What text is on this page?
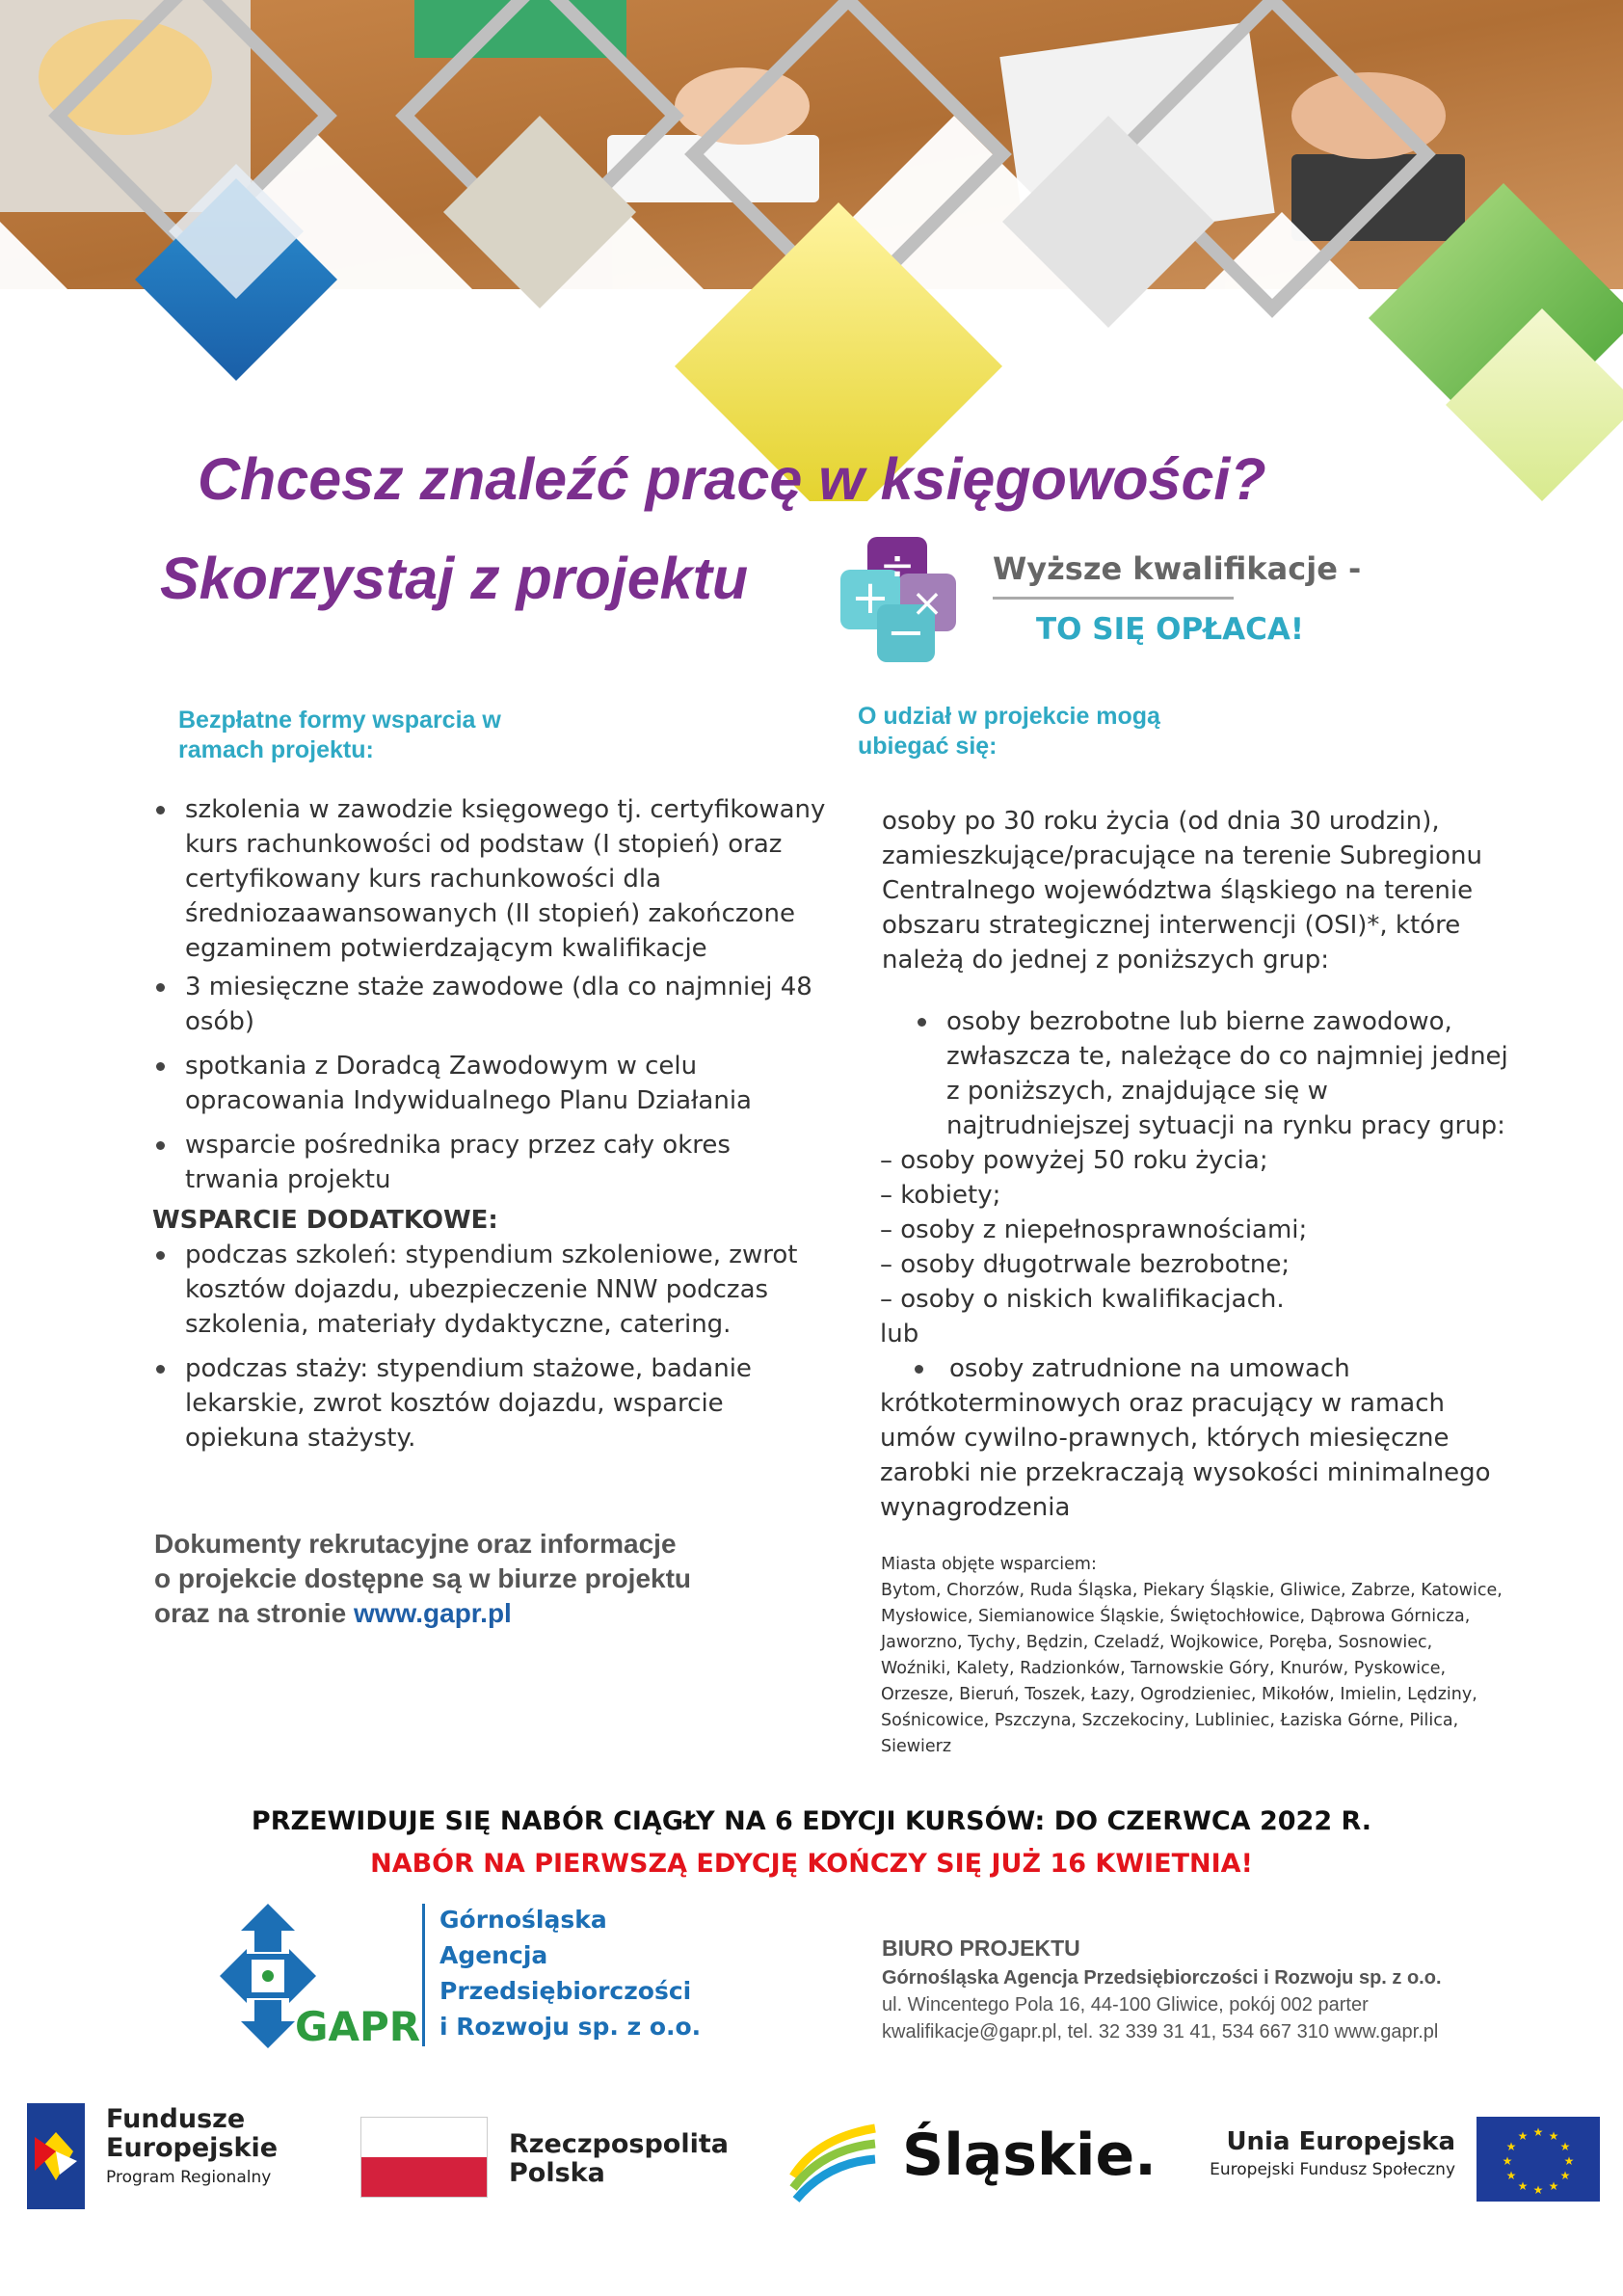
Chcesz znaleźć pracę w księgowości?
Skorzystaj z projektu	÷
×
+
−
Wyższe kwalifikacje -
TO SIĘ OPŁACA!
Bezpłatne formy wsparcia w
ramach projektu:
szkolenia w zawodzie księgowego tj. certyfikowany kurs rachunkowości od podstaw (I stopień) oraz certyfikowany kurs rachunkowości dla średniozaawansowanych (II stopień) zakończone egzaminem potwierdzającym kwalifikacje
3 miesięczne staże zawodowe (dla co najmniej 48 osób)
spotkania z Doradcą Zawodowym w celu opracowania Indywidualnego Planu Działania
wsparcie pośrednika pracy przez cały okres trwania projektu
WSPARCIE DODATKOWE:
podczas szkoleń: stypendium szkoleniowe, zwrot kosztów dojazdu, ubezpieczenie NNW podczas szkolenia, materiały dydaktyczne, catering.
podczas staży: stypendium stażowe, badanie lekarskie, zwrot kosztów dojazdu, wsparcie opiekuna stażysty.
Dokumenty rekrutacyjne oraz informacje
o projekcie dostępne są w biurze projektu
oraz na stronie www.gapr.pl
O udział w projekcie mogą
ubiegać się:
osoby po 30 roku życia (od dnia 30 urodzin), zamieszkujące/pracujące na terenie Subregionu Centralnego województwa śląskiego na terenie obszaru strategicznej interwencji (OSI)*, które należą do jednej z poniższych grup:
osoby bezrobotne lub bierne zawodowo, zwłaszcza te, należące do co najmniej jednej z poniższych, znajdujące się w najtrudniejszej sytuacji na rynku pracy grup:
– osoby powyżej 50 roku życia;
– kobiety;
– osoby z niepełnosprawnościami;
– osoby długotrwale bezrobotne;
– osoby o niskich kwalifikacjach.
lub
osoby zatrudnione na umowach
krótkoterminowych oraz pracujący w ramach umów cywilno-prawnych, których miesięczne zarobki nie przekraczają wysokości minimalnego wynagrodzenia
Miasta objęte wsparciem:
Bytom, Chorzów, Ruda Śląska, Piekary Śląskie, Gliwice, Zabrze, Katowice, Mysłowice, Siemianowice Śląskie, Świętochłowice, Dąbrowa Górnicza, Jaworzno, Tychy, Będzin, Czeladź, Wojkowice, Poręba, Sosnowiec, Woźniki, Kalety, Radzionków, Tarnowskie Góry, Knurów, Pyskowice, Orzesze, Bieruń, Toszek, Łazy, Ogrodzieniec, Mikołów, Imielin, Lędziny, Sośnicowice, Pszczyna, Szczekociny, Lubliniec, Łaziska Górne, Pilica, Siewierz
PRZEWIDUJE SIĘ NABÓR CIĄGŁY NA 6 EDYCJI KURSÓW: DO CZERWCA 2022 R.
NABÓR NA PIERWSZĄ EDYCJĘ KOŃCZY SIĘ JUŻ 16 KWIETNIA!
GAPR
Górnośląska
Agencja
Przedsiębiorczości
i Rozwoju sp. z o.o.
BIURO PROJEKTU
Górnośląska Agencja Przedsiębiorczości i Rozwoju sp. z o.o.
ul. Wincentego Pola 16, 44-100 Gliwice, pokój 002 parter
kwalifikacje@gapr.pl, tel. 32 339 31 41, 534 667 310 www.gapr.pl
Fundusze
Europejskie
Program Regionalny
Rzeczpospolita
Polska	Śląskie.	Unia Europejska
Europejski Fundusz Społeczny
★ ★
★
★
★
★
★
★
★
★
★
★
